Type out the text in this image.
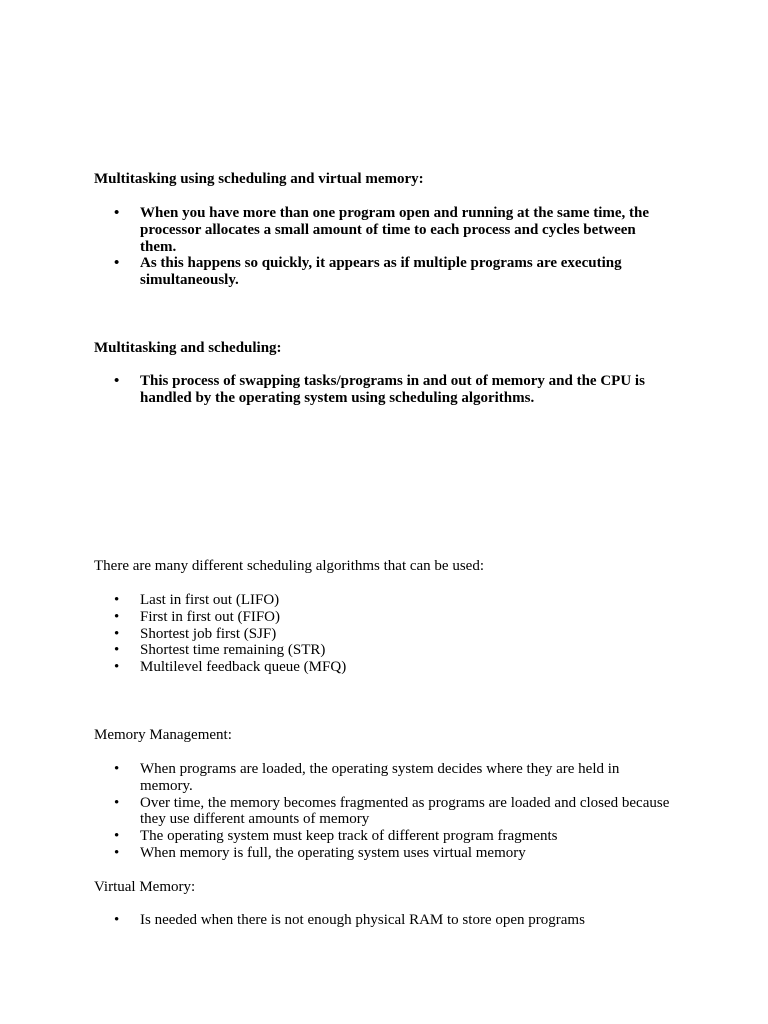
Multitasking using scheduling and virtual memory:

• When you have more than one program open and running at the same time, the processor allocates a small amount of time to each process and cycles between them.
• As this happens so quickly, it appears as if multiple programs are executing simultaneously.

Multitasking and scheduling:

• This process of swapping tasks/programs in and out of memory and the CPU is handled by the operating system using scheduling algorithms.

There are many different scheduling algorithms that can be used:

• Last in first out (LIFO)
• First in first out (FIFO)
• Shortest job first (SJF)
• Shortest time remaining (STR)
• Multilevel feedback queue (MFQ)

Memory Management:

• When programs are loaded, the operating system decides where they are held in memory.
• Over time, the memory becomes fragmented as programs are loaded and closed because they use different amounts of memory
• The operating system must keep track of different program fragments
• When memory is full, the operating system uses virtual memory

Virtual Memory:

• Is needed when there is not enough physical RAM to store open programs
